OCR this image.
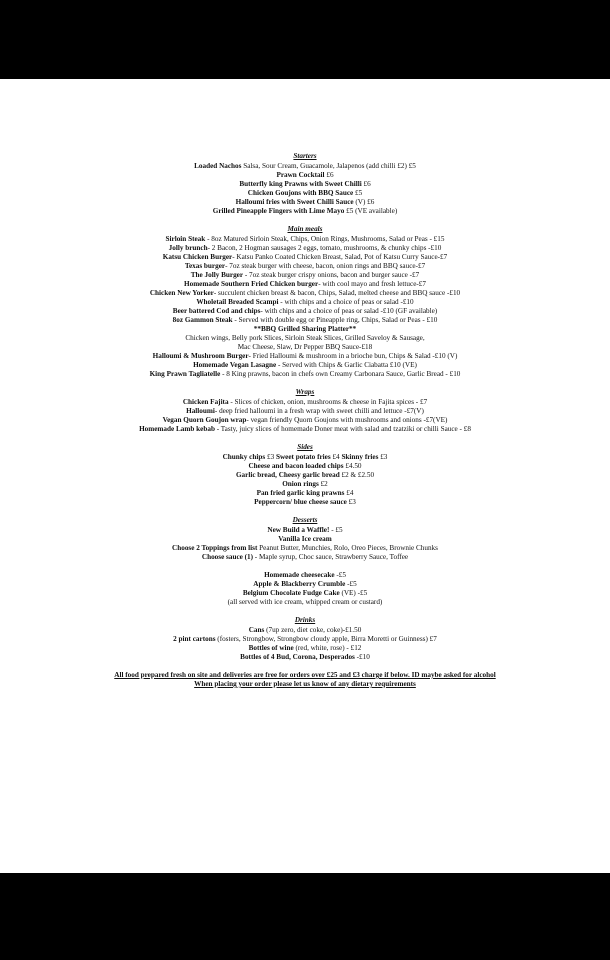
Starters
Loaded Nachos Salsa, Sour Cream, Guacamole, Jalapenos (add chilli £2) £5
Prawn Cocktail £6
Butterfly king Prawns with Sweet Chilli £6
Chicken Goujons with BBQ Sauce £5
Halloumi fries with Sweet Chilli Sauce (V) £6
Grilled Pineapple Fingers with Lime Mayo £5 (VE available)
Main meals
Sirloin Steak - 8oz Matured Sirloin Steak, Chips, Onion Rings, Mushrooms, Salad or Peas - £15
Jolly brunch- 2 Bacon, 2 Hogman sausages 2 eggs, tomato, mushrooms, & chunky chips -£10
Katsu Chicken Burger- Katsu Panko Coated Chicken Breast, Salad, Pot of Katsu Curry Sauce-£7
Texas burger- 7oz steak burger with cheese, bacon, onion rings and BBQ sauce-£7
The Jolly Burger - 7oz steak burger crispy onions, bacon and burger sauce -£7
Homemade Southern Fried Chicken burger- with cool mayo and fresh lettuce-£7
Chicken New Yorker- succulent chicken breast & bacon, Chips, Salad, melted cheese and BBQ sauce -£10
Wholetail Breaded Scampi - with chips and a choice of peas or salad -£10
Beer battered Cod and chips- with chips and a choice of peas or salad -£10 (GF available)
8oz Gammon Steak - Served with double egg or Pineapple ring, Chips, Salad or Peas - £10
**BBQ Grilled Sharing Platter**
Chicken wings, Belly pork Slices, Sirloin Steak Slices, Grilled Saveloy & Sausage,
Mac Cheese, Slaw, Dr Pepper BBQ Sauce-£18
Halloumi & Mushroom Burger- Fried Halloumi & mushroom in a brioche bun, Chips & Salad -£10 (V)
Homemade Vegan Lasagne - Served with Chips & Garlic Ciabatta £10 (VE)
King Prawn Tagliatelle - 8 King prawns, bacon in chefs own Creamy Carbonara Sauce, Garlic Bread - £10
Wraps
Chicken Fajita - Slices of chicken, onion, mushrooms & cheese in Fajita spices - £7
Halloumi- deep fried halloumi in a fresh wrap with sweet chilli and lettuce -£7(V)
Vegan Quorn Goujon wrap- vegan friendly Quorn Goujons with mushrooms and onions -£7(VE)
Homemade Lamb kebab - Tasty, juicy slices of homemade Doner meat with salad and tzatziki or chilli Sauce - £8
Sides
Chunky chips £3 Sweet potato fries £4 Skinny fries £3
Cheese and bacon loaded chips £4.50
Garlic bread, Cheesy garlic bread £2 & £2.50
Onion rings £2
Pan fried garlic king prawns £4
Peppercorn/ blue cheese sauce £3
Desserts
New Build a Waffle! - £5
Vanilla Ice cream
Choose 2 Toppings from list Peanut Butter, Munchies, Rolo, Oreo Pieces, Brownie Chunks
Choose sauce (1) - Maple syrup, Choc sauce, Strawberry Sauce, Toffee
Homemade cheesecake -£5
Apple & Blackberry Crumble -£5
Belgium Chocolate Fudge Cake (VE) -£5
(all served with ice cream, whipped cream or custard)
Drinks
Cans (7up zero, diet coke, coke)-£1.50
2 pint cartons (fosters, Strongbow, Strongbow cloudy apple, Birra Moretti or Guinness) £7
Bottles of wine (red, white, rose) - £12
Bottles of 4 Bud, Corona, Desperados -£10
All food prepared fresh on site and deliveries are free for orders over £25 and £3 charge if below. ID maybe asked for alcohol
When placing your order please let us know of any dietary requirements
